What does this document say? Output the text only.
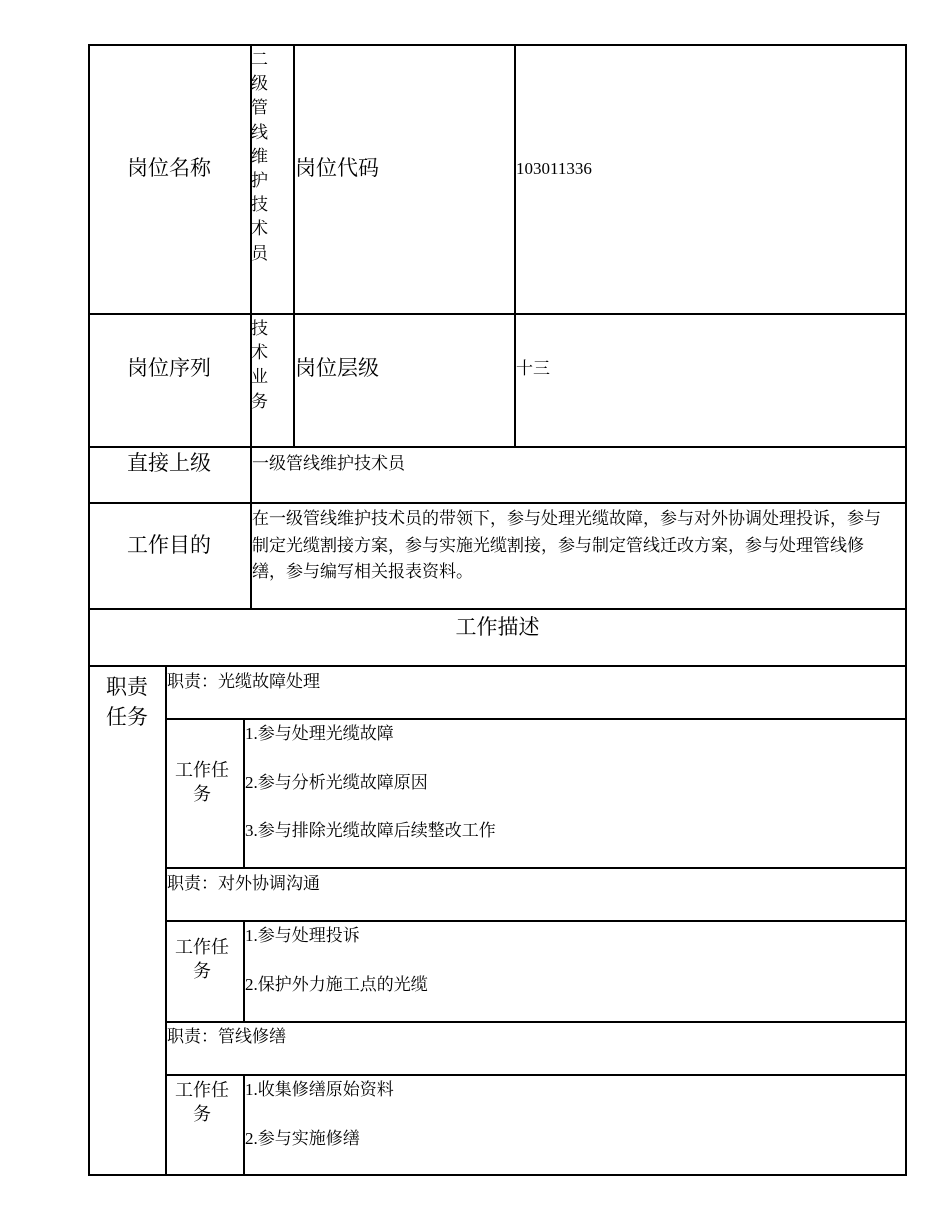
岗位名称
二级管线维护技术员
岗位代码	103011336
岗位序列
技术业务
岗位层级	十三
直接上级 一级管线维护技术员
工作目的
在一级管线维护技术员的带领下，参与处理光缆故障，参与对外协调处理投诉，参与制定光缆割接方案，参与实施光缆割接，参与制定管线迁改方案，参与处理管线修缮，参与编写相关报表资料。
工作描述
职责任务
职责：光缆故障处理
工作任务
1.参与处理光缆故障
2.参与分析光缆故障原因
3.参与排除光缆故障后续整改工作
职责：对外协调沟通
工作任务
1.参与处理投诉
2.保护外力施工点的光缆
职责：管线修缮
工作任务
1.收集修缮原始资料
2.参与实施修缮
